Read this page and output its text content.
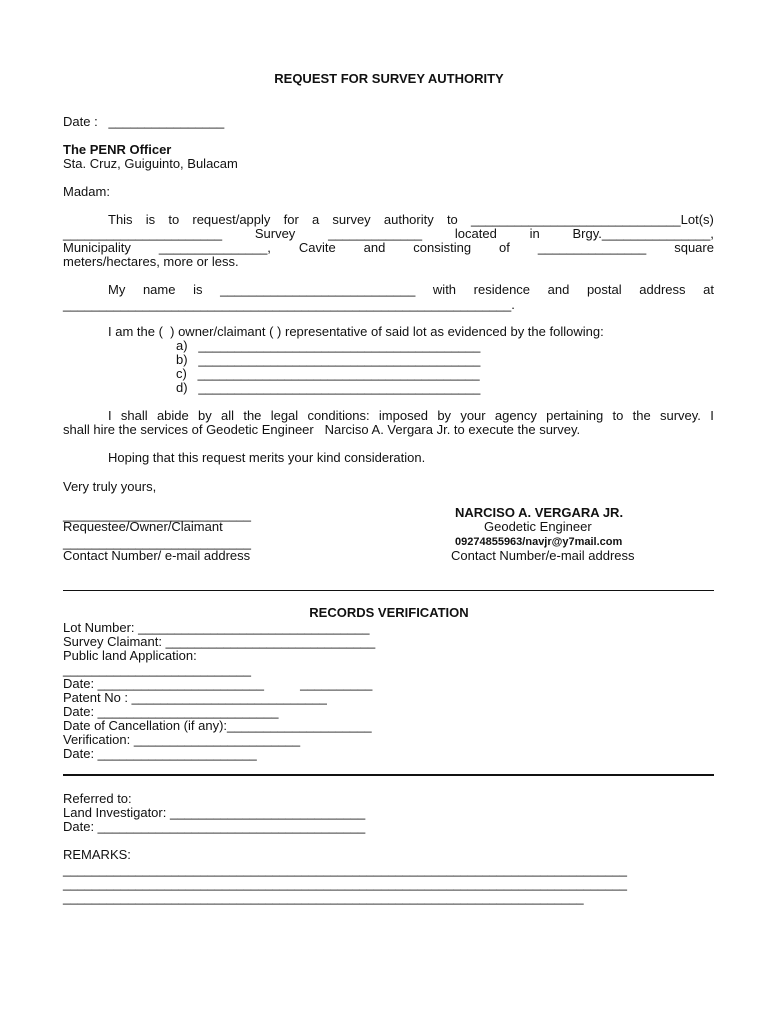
REQUEST FOR SURVEY AUTHORITY
Date :   ________________
The PENR Officer
Sta. Cruz, Guiguinto, Bulacam
Madam:
This is to request/apply for a survey authority to _____________________________Lot(s)
______________________	Survey	_____________	located	in	Brgy._______________,
Municipality _______________, Cavite and consisting of _______________ square
meters/hectares, more or less.
My name is ___________________________ with residence and postal address at
______________________________________________________________.
I am the (  ) owner/claimant ( ) representative of said lot as evidenced by the following:
a)   _______________________________________
b)   _______________________________________
c)   _______________________________________
d)   _______________________________________
I shall abide by all the legal conditions: imposed by your agency pertaining to the survey. I
shall hire the services of Geodetic Engineer   Narciso A. Vergara Jr. to execute the survey.
Hoping that this request merits your kind consideration.
Very truly yours,
__________________________
Requestee/Owner/Claimant
__________________________
Contact Number/ e-mail address
NARCISO A. VERGARA JR.
Geodetic Engineer
09274855963/navjr@y7mail.com
Contact Number/e-mail address
RECORDS VERIFICATION
Lot Number: ________________________________
Survey Claimant: _____________________________
Public land Application:
__________________________
Date: _______________________          __________
Patent No : ___________________________
Date: _________________________
Date of Cancellation (if any):____________________
Verification: _______________________
Date: ______________________
Referred to:
Land Investigator: ___________________________
Date: _____________________________________
REMARKS:
______________________________________________________________________________
______________________________________________________________________________
________________________________________________________________________
